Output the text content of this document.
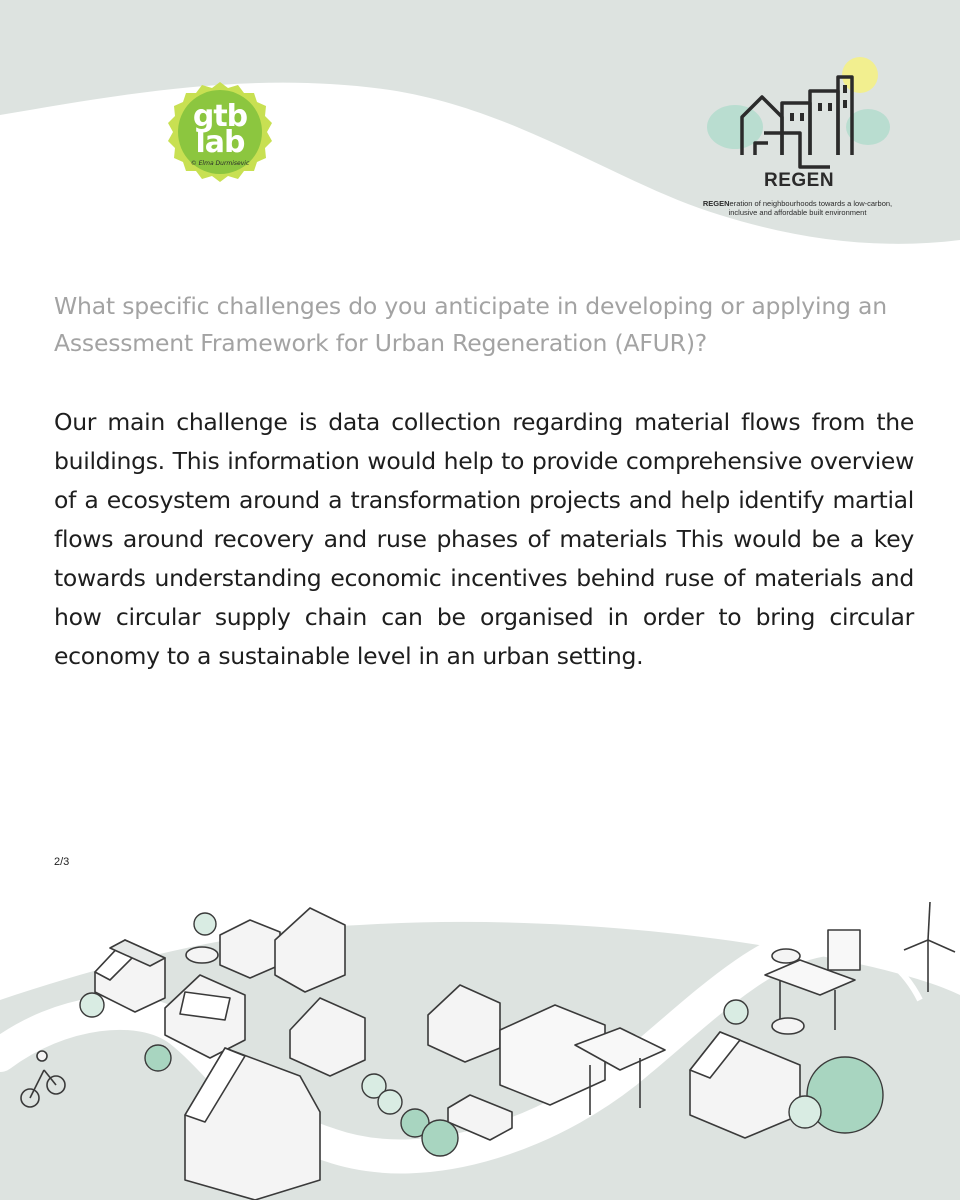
gtb
lab
© Elma Durmisevic
REGEN
REGENeration of neighbourhoods towards a low-carbon, inclusive and affordable built environment
What specific challenges do you anticipate in developing or applying an Assessment Framework for Urban Regeneration (AFUR)?
Our main challenge is data collection regarding material flows from the buildings. This information would help to provide comprehensive overview of a ecosystem around a transformation projects and help identify martial flows around recovery and ruse phases of materials This would be a key towards understanding economic incentives behind ruse of materials and how circular supply chain can be organised in order to bring circular economy to a sustainable level in an urban setting.
2/3
